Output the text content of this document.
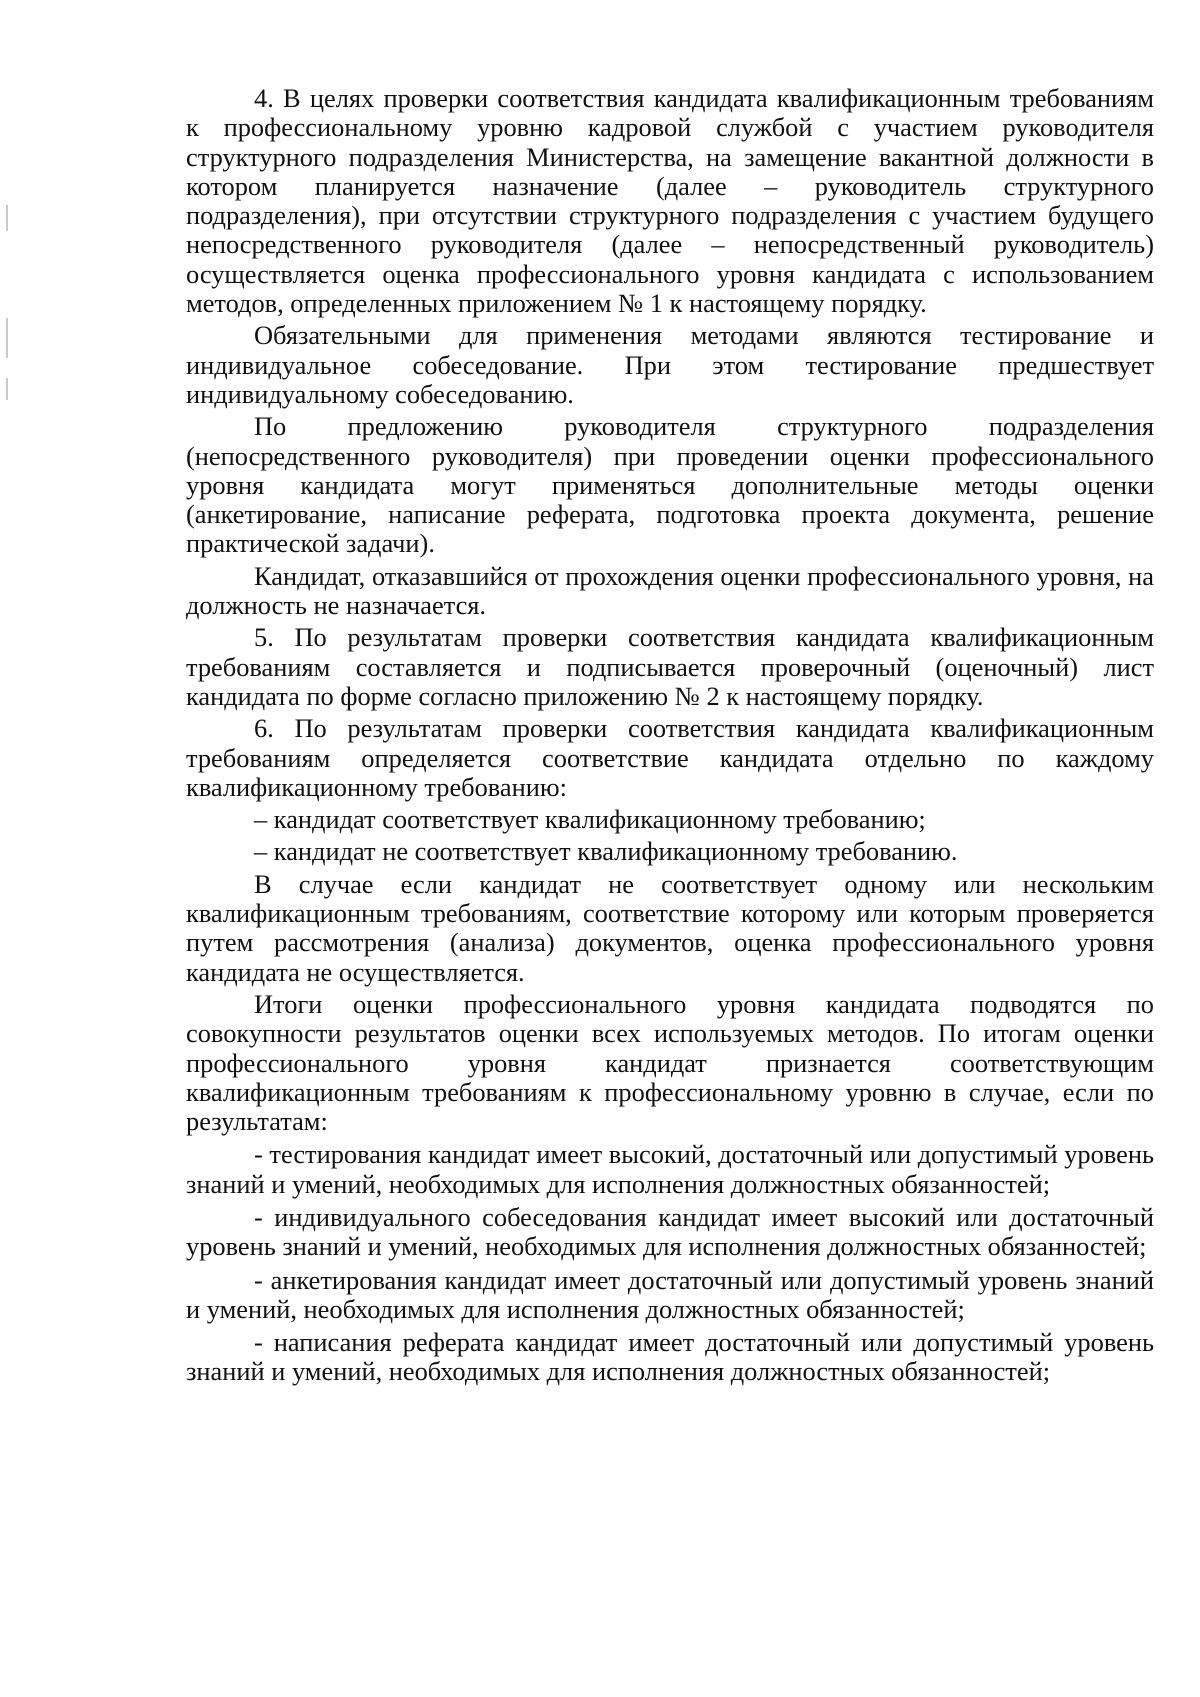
4. В целях проверки соответствия кандидата квалификационным требованиям к профессиональному уровню кадровой службой с участием руководителя структурного подразделения Министерства, на замещение вакантной должности в котором планируется назначение (далее – руководитель структурного подразделения), при отсутствии структурного подразделения с участием будущего непосредственного руководителя (далее – непосредственный руководитель) осуществляется оценка профессионального уровня кандидата с использованием методов, определенных приложением № 1 к настоящему порядку.

Обязательными для применения методами являются тестирование и индивидуальное собеседование. При этом тестирование предшествует индивидуальному собеседованию.

По предложению руководителя структурного подразделения (непосредственного руководителя) при проведении оценки профессионального уровня кандидата могут применяться дополнительные методы оценки (анкетирование, написание реферата, подготовка проекта документа, решение практической задачи).

Кандидат, отказавшийся от прохождения оценки профессионального уровня, на должность не назначается.

5. По результатам проверки соответствия кандидата квалификационным требованиям составляется и подписывается проверочный (оценочный) лист кандидата по форме согласно приложению № 2 к настоящему порядку.

6. По результатам проверки соответствия кандидата квалификационным требованиям определяется соответствие кандидата отдельно по каждому квалификационному требованию:

– кандидат соответствует квалификационному требованию;

– кандидат не соответствует квалификационному требованию.

В случае если кандидат не соответствует одному или нескольким квалификационным требованиям, соответствие которому или которым проверяется путем рассмотрения (анализа) документов, оценка профессионального уровня кандидата не осуществляется.

Итоги оценки профессионального уровня кандидата подводятся по совокупности результатов оценки всех используемых методов. По итогам оценки профессионального уровня кандидат признается соответствующим квалификационным требованиям к профессиональному уровню в случае, если по результатам:

- тестирования кандидат имеет высокий, достаточный или допустимый уровень знаний и умений, необходимых для исполнения должностных обязанностей;

- индивидуального собеседования кандидат имеет высокий или достаточный уровень знаний и умений, необходимых для исполнения должностных обязанностей;

- анкетирования кандидат имеет достаточный или допустимый уровень знаний и умений, необходимых для исполнения должностных обязанностей;

- написания реферата кандидат имеет достаточный или допустимый уровень знаний и умений, необходимых для исполнения должностных обязанностей;
